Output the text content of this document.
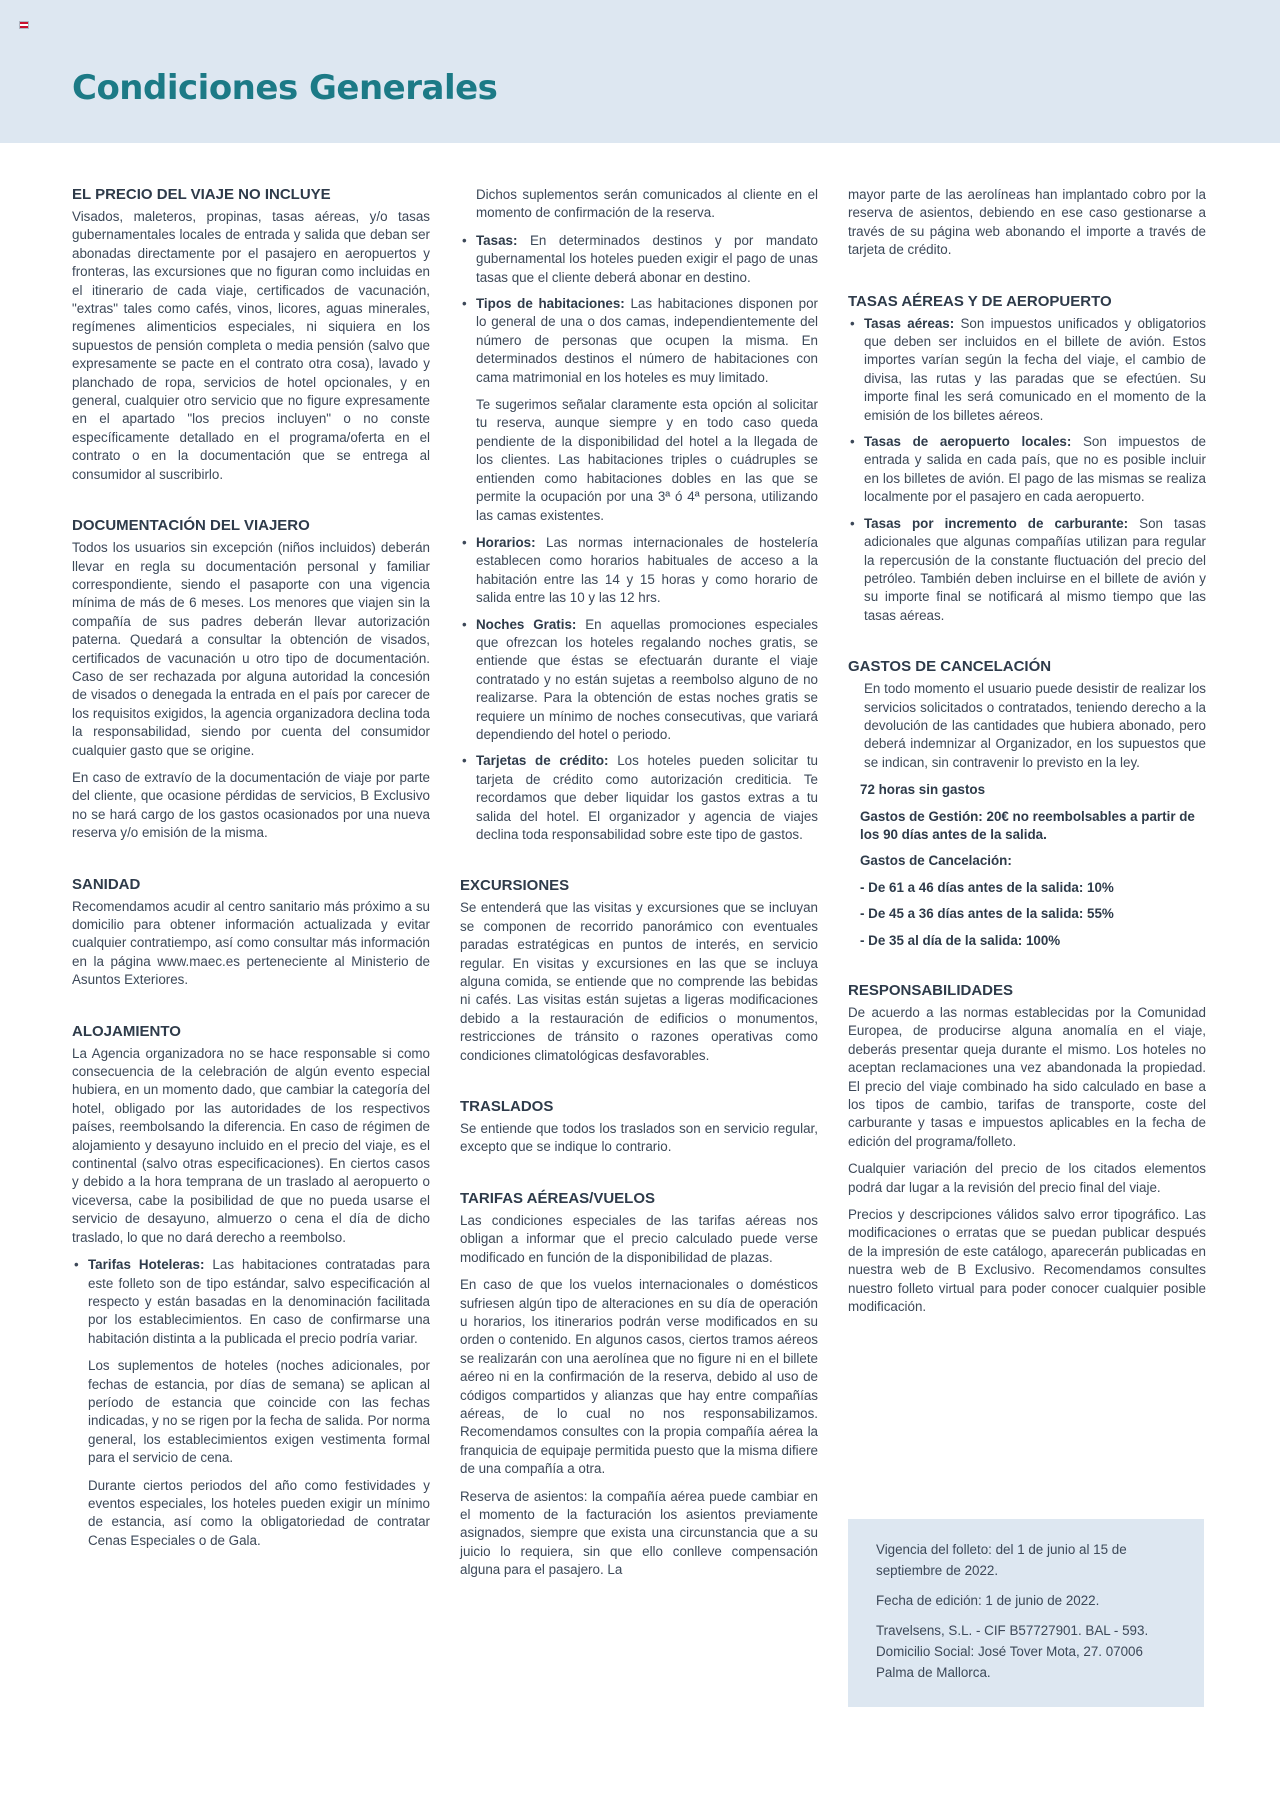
Condiciones Generales
EL PRECIO DEL VIAJE NO INCLUYE

Visados, maleteros, propinas, tasas aéreas, y/o tasas gubernamentales locales de entrada y salida que deban ser abonadas directamente por el pasajero en aeropuertos y fronteras, las excursiones que no figuran como incluidas en el itinerario de cada viaje, certificados de vacunación, "extras" tales como cafés, vinos, licores, aguas minerales, regímenes alimenticios especiales, ni siquiera en los supuestos de pensión completa o media pensión (salvo que expresamente se pacte en el contrato otra cosa), lavado y planchado de ropa, servicios de hotel opcionales, y en general, cualquier otro servicio que no figure expresamente en el apartado "los precios incluyen" o no conste específicamente detallado en el programa/oferta en el contrato o en la documentación que se entrega al consumidor al suscribirlo.

DOCUMENTACIÓN DEL VIAJERO

Todos los usuarios sin excepción (niños incluidos) deberán llevar en regla su documentación personal y familiar correspondiente, siendo el pasaporte con una vigencia mínima de más de 6 meses. Los menores que viajen sin la compañía de sus padres deberán llevar autorización paterna. Quedará a consultar la obtención de visados, certificados de vacunación u otro tipo de documentación. Caso de ser rechazada por alguna autoridad la concesión de visados o denegada la entrada en el país por carecer de los requisitos exigidos, la agencia organizadora declina toda la responsabilidad, siendo por cuenta del consumidor cualquier gasto que se origine.

En caso de extravío de la documentación de viaje por parte del cliente, que ocasione pérdidas de servicios, B Exclusivo no se hará cargo de los gastos ocasionados por una nueva reserva y/o emisión de la misma.

SANIDAD

Recomendamos acudir al centro sanitario más próximo a su domicilio para obtener información actualizada y evitar cualquier contratiempo, así como consultar más información en la página www.maec.es perteneciente al Ministerio de Asuntos Exteriores.

ALOJAMIENTO

La Agencia organizadora no se hace responsable si como consecuencia de la celebración de algún evento especial hubiera, en un momento dado, que cambiar la categoría del hotel, obligado por las autoridades de los respectivos países, reembolsando la diferencia. En caso de régimen de alojamiento y desayuno incluido en el precio del viaje, es el continental (salvo otras especificaciones). En ciertos casos y debido a la hora temprana de un traslado al aeropuerto o viceversa, cabe la posibilidad de que no pueda usarse el servicio de desayuno, almuerzo o cena el día de dicho traslado, lo que no dará derecho a reembolso.

• Tarifas Hoteleras: Las habitaciones contratadas para este folleto son de tipo estándar, salvo especificación al respecto y están basadas en la denominación facilitada por los establecimientos. En caso de confirmarse una habitación distinta a la publicada el precio podría variar.

Los suplementos de hoteles (noches adicionales, por fechas de estancia, por días de semana) se aplican al período de estancia que coincide con las fechas indicadas, y no se rigen por la fecha de salida. Por norma general, los establecimientos exigen vestimenta formal para el servicio de cena.

Durante ciertos periodos del año como festividades y eventos especiales, los hoteles pueden exigir un mínimo de estancia, así como la obligatoriedad de contratar Cenas Especiales o de Gala.

Dichos suplementos serán comunicados al cliente en el momento de confirmación de la reserva.

• Tasas: En determinados destinos y por mandato gubernamental los hoteles pueden exigir el pago de unas tasas que el cliente deberá abonar en destino.
• Tipos de habitaciones: Las habitaciones disponen por lo general de una o dos camas, independientemente del número de personas que ocupen la misma. En determinados destinos el número de habitaciones con cama matrimonial en los hoteles es muy limitado.

Te sugerimos señalar claramente esta opción al solicitar tu reserva, aunque siempre y en todo caso queda pendiente de la disponibilidad del hotel a la llegada de los clientes. Las habitaciones triples o cuádruples se entienden como habitaciones dobles en las que se permite la ocupación por una 3ª ó 4ª persona, utilizando las camas existentes.

• Horarios: Las normas internacionales de hostelería establecen como horarios habituales de acceso a la habitación entre las 14 y 15 horas y como horario de salida entre las 10 y las 12 hrs.
• Noches Gratis: En aquellas promociones especiales que ofrezcan los hoteles regalando noches gratis, se entiende que éstas se efectuarán durante el viaje contratado y no están sujetas a reembolso alguno de no realizarse. Para la obtención de estas noches gratis se requiere un mínimo de noches consecutivas, que variará dependiendo del hotel o periodo.
• Tarjetas de crédito: Los hoteles pueden solicitar tu tarjeta de crédito como autorización crediticia. Te recordamos que deber liquidar los gastos extras a tu salida del hotel. El organizador y agencia de viajes declina toda responsabilidad sobre este tipo de gastos.
EXCURSIONES

Se entenderá que las visitas y excursiones que se incluyan se componen de recorrido panorámico con eventuales paradas estratégicas en puntos de interés, en servicio regular. En visitas y excursiones en las que se incluya alguna comida, se entiende que no comprende las bebidas ni cafés. Las visitas están sujetas a ligeras modificaciones debido a la restauración de edificios o monumentos, restricciones de tránsito o razones operativas como condiciones climatológicas desfavorables.

TRASLADOS

Se entiende que todos los traslados son en servicio regular, excepto que se indique lo contrario.

TARIFAS AÉREAS/VUELOS

Las condiciones especiales de las tarifas aéreas nos obligan a informar que el precio calculado puede verse modificado en función de la disponibilidad de plazas.

En caso de que los vuelos internacionales o domésticos sufriesen algún tipo de alteraciones en su día de operación u horarios, los itinerarios podrán verse modificados en su orden o contenido. En algunos casos, ciertos tramos aéreos se realizarán con una aerolínea que no figure ni en el billete aéreo ni en la confirmación de la reserva, debido al uso de códigos compartidos y alianzas que hay entre compañías aéreas, de lo cual no nos responsabilizamos. Recomendamos consultes con la propia compañía aérea la franquicia de equipaje permitida puesto que la misma difiere de una compañía a otra.

Reserva de asientos: la compañía aérea puede cambiar en el momento de la facturación los asientos previamente asignados, siempre que exista una circunstancia que a su juicio lo requiera, sin que ello conlleve compensación alguna para el pasajero. La

mayor parte de las aerolíneas han implantado cobro por la reserva de asientos, debiendo en ese caso gestionarse a través de su página web abonando el importe a través de tarjeta de crédito.

TASAS AÉREAS Y DE AEROPUERTO
• Tasas aéreas: Son impuestos unificados y obligatorios que deben ser incluidos en el billete de avión. Estos importes varían según la fecha del viaje, el cambio de divisa, las rutas y las paradas que se efectúen. Su importe final les será comunicado en el momento de la emisión de los billetes aéreos.
• Tasas de aeropuerto locales: Son impuestos de entrada y salida en cada país, que no es posible incluir en los billetes de avión. El pago de las mismas se realiza localmente por el pasajero en cada aeropuerto.
• Tasas por incremento de carburante: Son tasas adicionales que algunas compañías utilizan para regular la repercusión de la constante fluctuación del precio del petróleo. También deben incluirse en el billete de avión y su importe final se notificará al mismo tiempo que las tasas aéreas.
GASTOS DE CANCELACIÓN

En todo momento el usuario puede desistir de realizar los servicios solicitados o contratados, teniendo derecho a la devolución de las cantidades que hubiera abonado, pero deberá indemnizar al Organizador, en los supuestos que se indican, sin contravenir lo previsto en la ley.

72 horas sin gastos
Gastos de Gestión: 20€ no reembolsables a partir de los 90 días antes de la salida.
Gastos de Cancelación:
- De 61 a 46 días antes de la salida: 10%
- De 45 a 36 días antes de la salida: 55%
- De 35 al día de la salida: 100%
RESPONSABILIDADES

De acuerdo a las normas establecidas por la Comunidad Europea, de producirse alguna anomalía en el viaje, deberás presentar queja durante el mismo. Los hoteles no aceptan reclamaciones una vez abandonada la propiedad. El precio del viaje combinado ha sido calculado en base a los tipos de cambio, tarifas de transporte, coste del carburante y tasas e impuestos aplicables en la fecha de edición del programa/folleto.

Cualquier variación del precio de los citados elementos podrá dar lugar a la revisión del precio final del viaje.

Precios y descripciones válidos salvo error tipográfico. Las modificaciones o erratas que se puedan publicar después de la impresión de este catálogo, aparecerán publicadas en nuestra web de B Exclusivo. Recomendamos consultes nuestro folleto virtual para poder conocer cualquier posible modificación.

Vigencia del folleto: del 1 de junio al 15 de septiembre de 2022.

Fecha de edición: 1 de junio de 2022.

Travelsens, S.L. - CIF B57727901. BAL - 593. Domicilio Social: José Tover Mota, 27. 07006 Palma de Mallorca.
